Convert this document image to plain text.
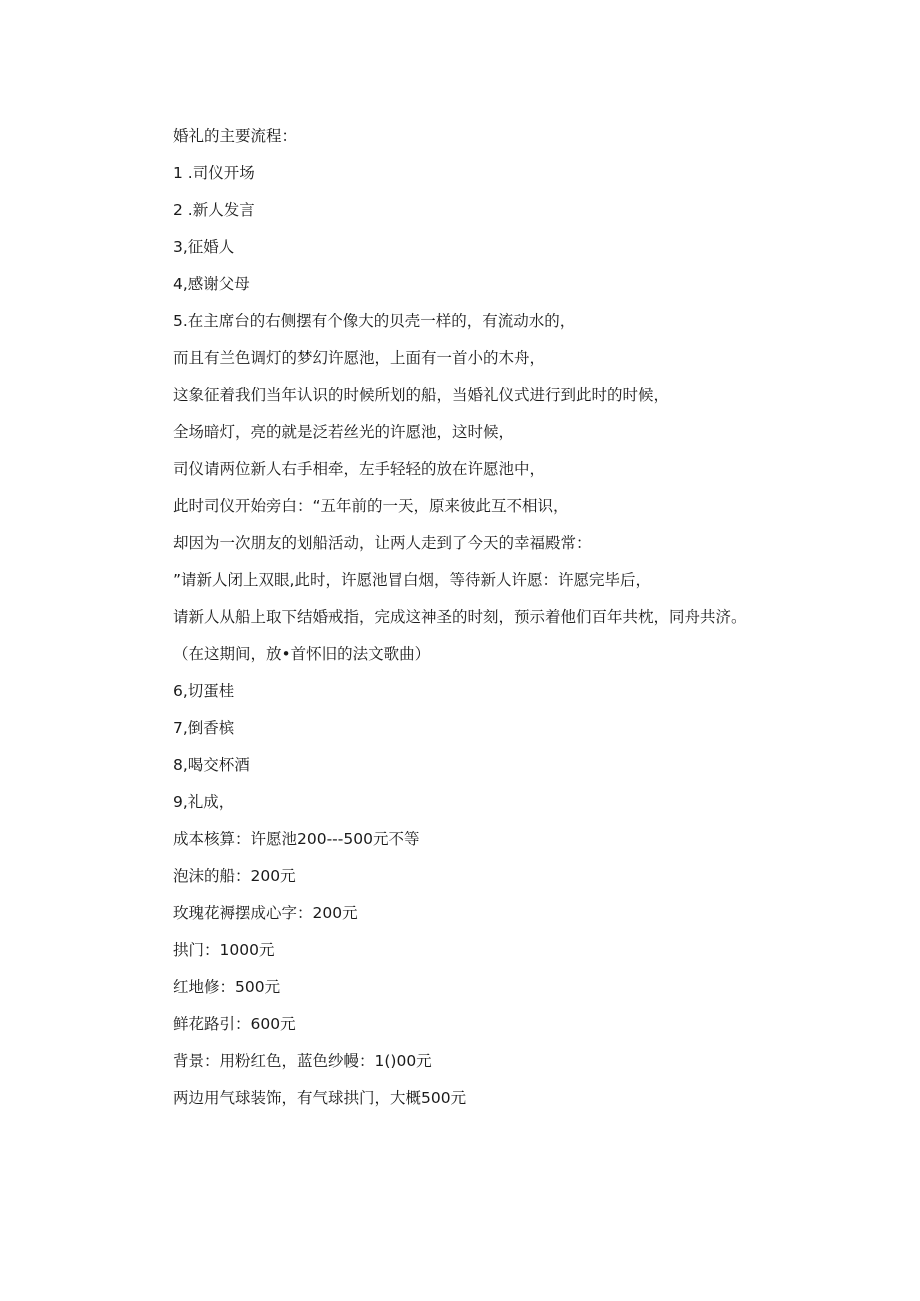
婚礼的主要流程：
1 .司仪开场
2 .新人发言
3,征婚人
4,感谢父母
5.在主席台的右侧摆有个像大的贝壳一样的，有流动水的，
而且有兰色调灯的梦幻许愿池，上面有一首小的木舟，
这象征着我们当年认识的时候所划的船，当婚礼仪式进行到此时的时候，
全场暗灯，亮的就是泛若丝光的许愿池，这时候，
司仪请两位新人右手相牵，左手轻轻的放在许愿池中，
此时司仪开始旁白：“五年前的一天，原来彼此互不相识，
却因为一次朋友的划船活动，让两人走到了今天的幸福殿常：
”请新人闭上双眼,此时，许愿池冒白烟，等待新人许愿：许愿完毕后，
请新人从船上取下结婚戒指，完成这神圣的时刻，预示着他们百年共枕，同舟共济。
（在这期间，放•首怀旧的法文歌曲）
6,切蛋桂
7,倒香槟
8,喝交杯酒
9,礼成，
成本核算：许愿池200---500元不等
泡沫的船：200元
玫瑰花褥摆成心字：200元
拱门：1000元
红地修：500元
鲜花路引：600元
背景：用粉红色，蓝色纱幔：1()00元
两边用气球装饰，有气球拱门，大概500元
